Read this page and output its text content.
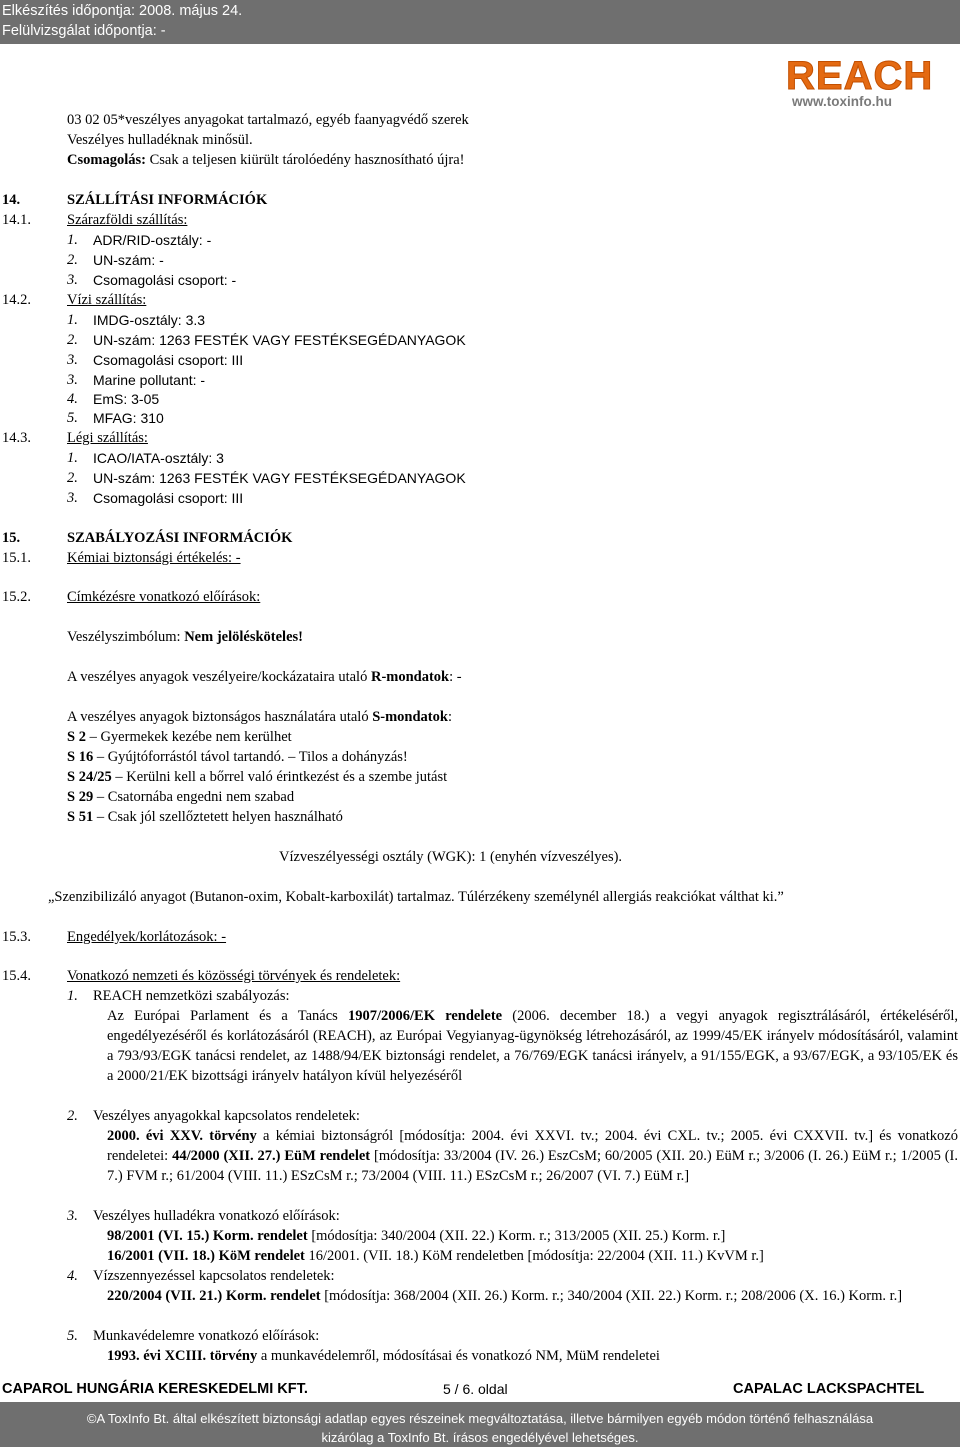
Elkészítés időpontja: 2008. május 24.
Felülvizsgálat időpontja: -
REACH
www.toxinfo.hu
03 02 05*veszélyes anyagokat tartalmazó, egyéb faanyagvédő szerek
Veszélyes hulladéknak minősül.
Csomagolás: Csak a teljesen kiürült tárolóedény hasznosítható újra!
14.	SZÁLLÍTÁSI INFORMÁCIÓK
14.1. Szárazföldi szállítás:
1. ADR/RID-osztály: -
2. UN-szám: -
3. Csomagolási csoport: -
14.2. Vízi szállítás:
1. IMDG-osztály: 3.3
2. UN-szám: 1263 FESTÉK VAGY FESTÉKSEGÉDANYAGOK
3. Csomagolási csoport: III
3. Marine pollutant: -
4. EmS: 3-05
5. MFAG: 310
14.3. Légi szállítás:
1. ICAO/IATA-osztály: 3
2. UN-szám: 1263 FESTÉK VAGY FESTÉKSEGÉDANYAGOK
3. Csomagolási csoport: III
15.	SZABÁLYOZÁSI INFORMÁCIÓK
15.1. Kémiai biztonsági értékelés: -
15.2. Címkézésre vonatkozó előírások:
Veszélyszimbólum: Nem jelölésköteles!
A veszélyes anyagok veszélyeire/kockázataira utaló R-mondatok: -
A veszélyes anyagok biztonságos használatára utaló S-mondatok:
S 2 – Gyermekek kezébe nem kerülhet
S 16 – Gyújtóforrástól távol tartandó. – Tilos a dohányzás!
S 24/25 – Kerülni kell a bőrrel való érintkezést és a szembe jutást
S 29 – Csatornába engedni nem szabad
S 51 – Csak jól szellőztetett helyen használható
Vízveszélyességi osztály (WGK): 1 (enyhén vízveszélyes).
„Szenzibilizáló anyagot (Butanon-oxim, Kobalt-karboxilát) tartalmaz. Túlérzékeny személynél allergiás reakciókat válthat ki.”
15.3. Engedélyek/korlátozások: -
15.4. Vonatkozó nemzeti és közösségi törvények és rendeletek:
1. REACH nemzetközi szabályozás:
Az Európai Parlament és a Tanács 1907/2006/EK rendelete (2006. december 18.) a vegyi anyagok regisztrálásáról, értékeléséről, engedélyezéséről és korlátozásáról (REACH), az Európai Vegyianyag-ügynökség létrehozásáról, az 1999/45/EK irányelv módosításáról, valamint a 793/93/EGK tanácsi rendelet, az 1488/94/EK biztonsági rendelet, a 76/769/EGK tanácsi irányelv, a 91/155/EGK, a 93/67/EGK, a 93/105/EK és a 2000/21/EK bizottsági irányelv hatályon kívül helyezéséről
2. Veszélyes anyagokkal kapcsolatos rendeletek:
2000. évi XXV. törvény a kémiai biztonságról [módosítja: 2004. évi XXVI. tv.; 2004. évi CXL. tv.; 2005. évi CXXVII. tv.] és vonatkozó rendeletei: 44/2000 (XII. 27.) EüM rendelet [módosítja: 33/2004 (IV. 26.) EszCsM; 60/2005 (XII. 20.) EüM r.; 3/2006 (I. 26.) EüM r.; 1/2005 (I. 7.) FVM r.; 61/2004 (VIII. 11.) ESzCsM r.; 73/2004 (VIII. 11.) ESzCsM r.; 26/2007 (VI. 7.) EüM r.]
3. Veszélyes hulladékra vonatkozó előírások:
98/2001 (VI. 15.) Korm. rendelet [módosítja: 340/2004 (XII. 22.) Korm. r.; 313/2005 (XII. 25.) Korm. r.]
16/2001 (VII. 18.) KöM rendelet 16/2001. (VII. 18.) KöM rendeletben [módosítja: 22/2004 (XII. 11.) KvVM r.]
4. Vízszennyezéssel kapcsolatos rendeletek:
220/2004 (VII. 21.) Korm. rendelet [módosítja: 368/2004 (XII. 26.) Korm. r.; 340/2004 (XII. 22.) Korm. r.; 208/2006 (X. 16.) Korm. r.]
5. Munkavédelemre vonatkozó előírások:
1993. évi XCIII. törvény a munkavédelemről, módosításai és vonatkozó NM, MüM rendeletei
CAPAROL HUNGÁRIA KERESKEDELMI KFT.	5 / 6. oldal	CAPALAC LACKSPACHTEL
©A ToxInfo Bt. által elkészített biztonsági adatlap egyes részeinek megváltoztatása, illetve bármilyen egyéb módon történő felhasználása
kizárólag a ToxInfo Bt. írásos engedélyével lehetséges.
